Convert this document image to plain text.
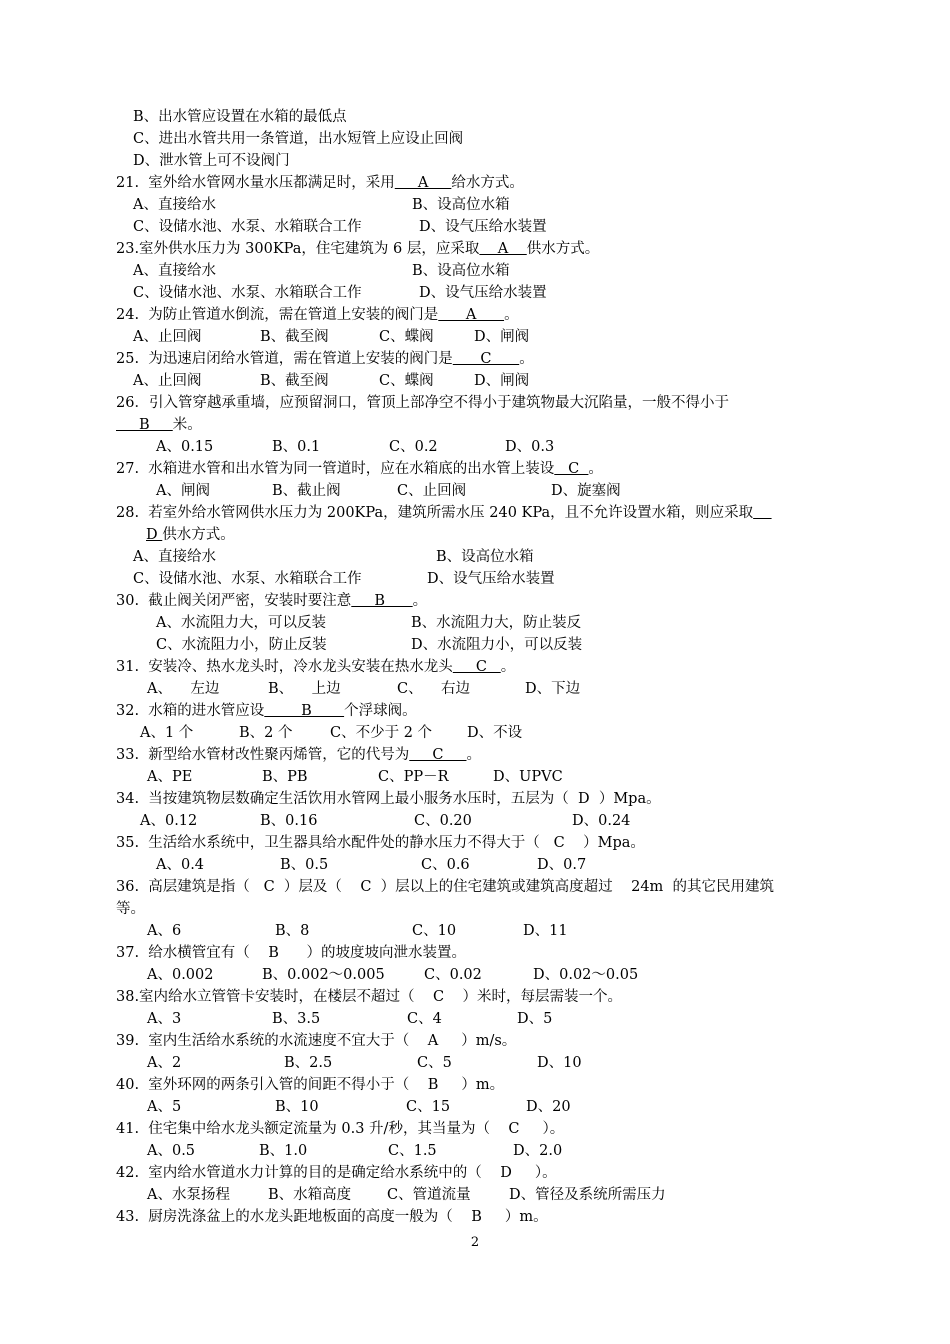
B、出水管应设置在水箱的最低点
C、进出水管共用一条管道，出水短管上应设止回阀
D、泄水管上可不设阀门
21.  室外给水管网水量水压都满足时，采用     A     给水方式。
A、直接给水	B、设高位水箱
C、设储水池、水泵、水箱联合工作	D、设气压给水装置
23.室外供水压力为 300KPa，住宅建筑为 6 层，应采取    A    供水方式。
A、直接给水	B、设高位水箱
C、设储水池、水泵、水箱联合工作	D、设气压给水装置
24.  为防止管道水倒流，需在管道上安装的阀门是      A      。
A、止回阀	B、截至阀	C、蝶阀	D、闸阀
25.  为迅速启闭给水管道，需在管道上安装的阀门是      C      。
A、止回阀	B、截至阀	C、蝶阀	D、闸阀
26．引入管穿越承重墙，应预留洞口，管顶上部净空不得小于建筑物最大沉陷量，一般不得小于
B     米。
A、0.15	B、0.1	C、0.2	D、0.3
27.  水箱进水管和出水管为同一管道时，应在水箱底的出水管上装设   C  。
A、闸阀	B、截止阀	C、止回阀	D、旋塞阀
28.  若室外给水管网供水压力为 200KPa，建筑所需水压 240 KPa，且不允许设置水箱，则应采取
D 供水方式。
A、直接给水	B、设高位水箱
C、设储水池、水泵、水箱联合工作	D、设气压给水装置
30.  截止阀关闭严密，安装时要注意     B      。
A、水流阻力大，可以反装	B、水流阻力大，防止装反
C、水流阻力小，防止反装	D、水流阻力小，可以反装
31.  安装冷、热水龙头时，冷水龙头安装在热水龙头     C   。
A、    左边	B、    上边	C、    右边	D、下边
32.  水箱的进水管应设        B       个浮球阀。
A、1 个	B、2 个	C、不少于 2 个 D、不设
33.  新型给水管材改性聚丙烯管，它的代号为     C     。
A、PE	B、PB	C、PP－R	D、UPVC
34.  当按建筑物层数确定生活饮用水管网上最小服务水压时，五层为（  D  ）Mpa。
A、0.12	B、0.16	C、0.20	D、0.24
35.  生活给水系统中，卫生器具给水配件处的静水压力不得大于（   C    ）Mpa。
A、0.4	B、0.5	C、0.6	D、0.7
36.  高层建筑是指（   C  ）层及（    C  ）层以上的住宅建筑或建筑高度超过    24m  的其它民用建筑
等。
A、6	B、8	C、10	D、11
37.  给水横管宜有（    B      ）的坡度坡向泄水装置。
A、0.002	B、0.002～0.005	C、0.02	D、0.02～0.05
38.室内给水立管管卡安装时，在楼层不超过（    C    ）米时，每层需装一个。
A、3	B、3.5	C、4	D、5
39.  室内生活给水系统的水流速度不宜大于（    A     ）m/s。
A、2	B、2.5	C、5	D、10
40.  室外环网的两条引入管的间距不得小于（    B     ）m。
A、5	B、10	C、15	D、20
41.  住宅集中给水龙头额定流量为 0.3 升/秒，其当量为（    C     ）。
A、0.5	B、1.0	C、1.5	D、2.0
42.  室内给水管道水力计算的目的是确定给水系统中的（    D     ）。
A、水泵扬程	B、水箱高度 C、管道流量	D、管径及系统所需压力
43.  厨房洗涤盆上的水龙头距地板面的高度一般为（    B     ）m。
2
